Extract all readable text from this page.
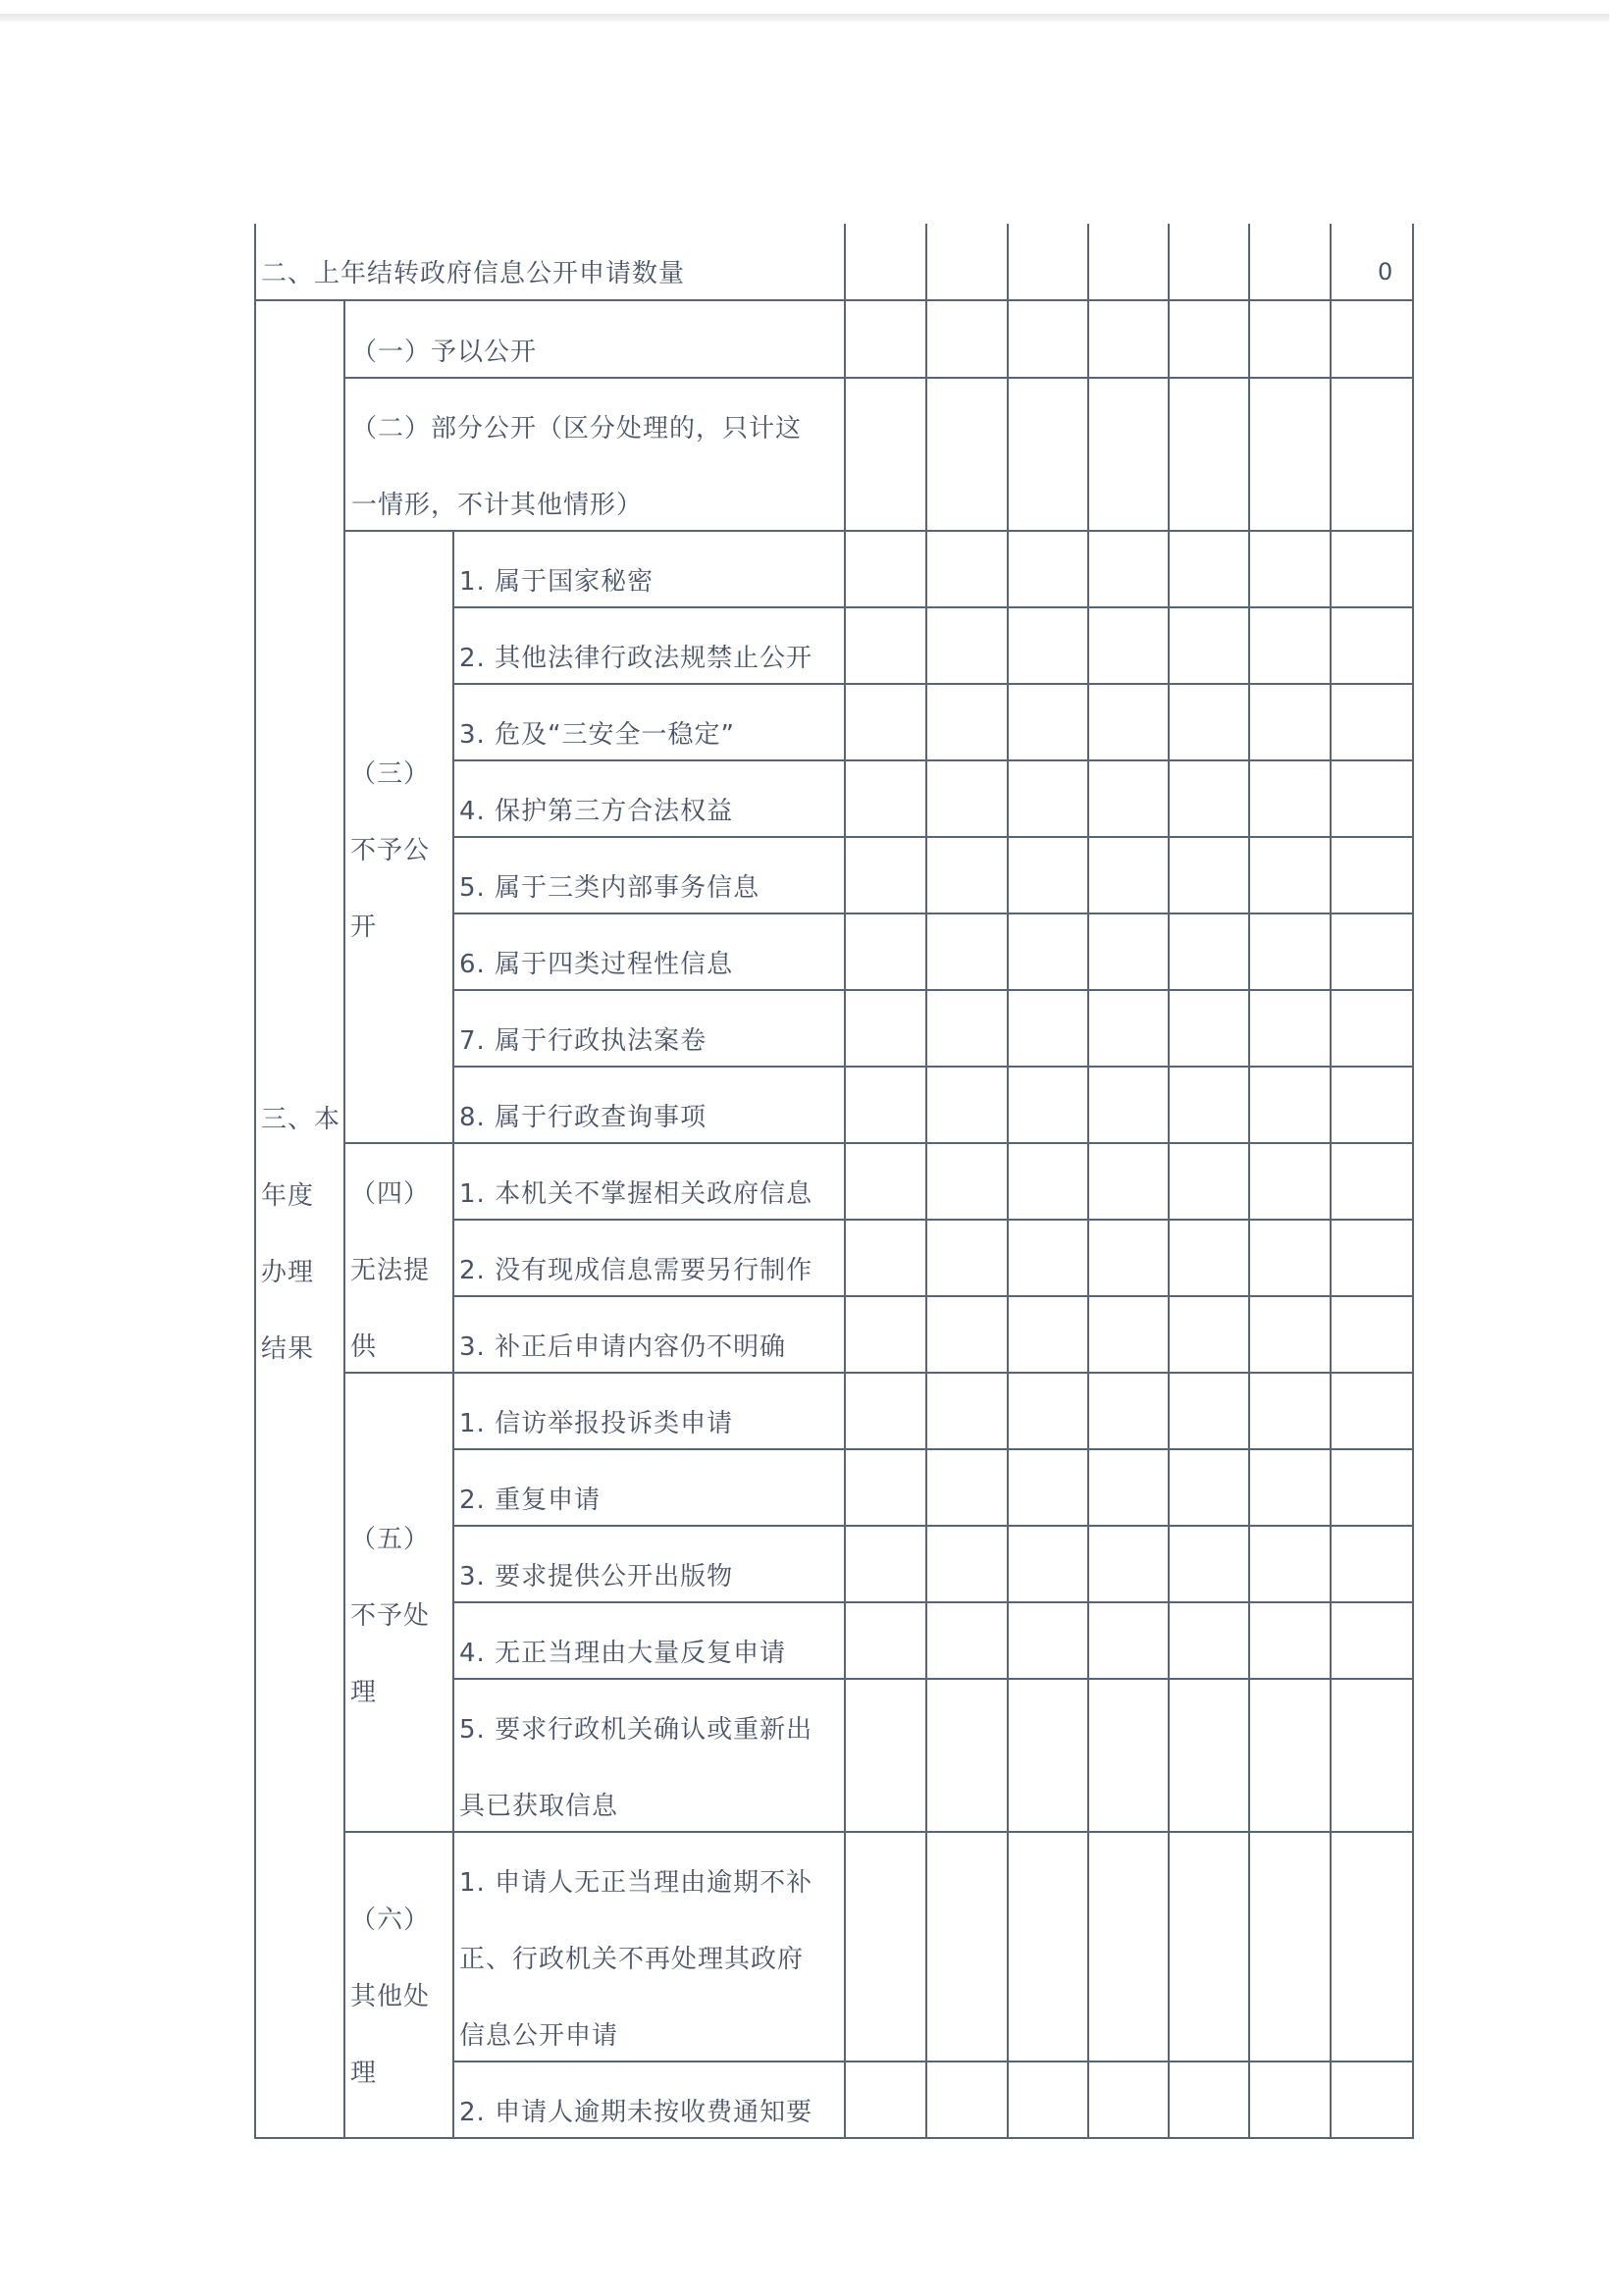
二、上年结转政府信息公开申请数量	0
三、本
年度
办理
结果
（一）予以公开
（二）部分公开（区分处理的，只计这
一情形，不计其他情形）
（三）
不予公
开
1. 属于国家秘密
2. 其他法律行政法规禁止公开
3. 危及“三安全一稳定”
4. 保护第三方合法权益
5. 属于三类内部事务信息
6. 属于四类过程性信息
7. 属于行政执法案卷
8. 属于行政查询事项
（四）
无法提
供
1. 本机关不掌握相关政府信息
2. 没有现成信息需要另行制作
3. 补正后申请内容仍不明确
（五）
不予处
理
1. 信访举报投诉类申请
2. 重复申请
3. 要求提供公开出版物
4. 无正当理由大量反复申请
5. 要求行政机关确认或重新出
具已获取信息
（六）
其他处
理
1. 申请人无正当理由逾期不补
正、行政机关不再处理其政府
信息公开申请
2. 申请人逾期未按收费通知要
